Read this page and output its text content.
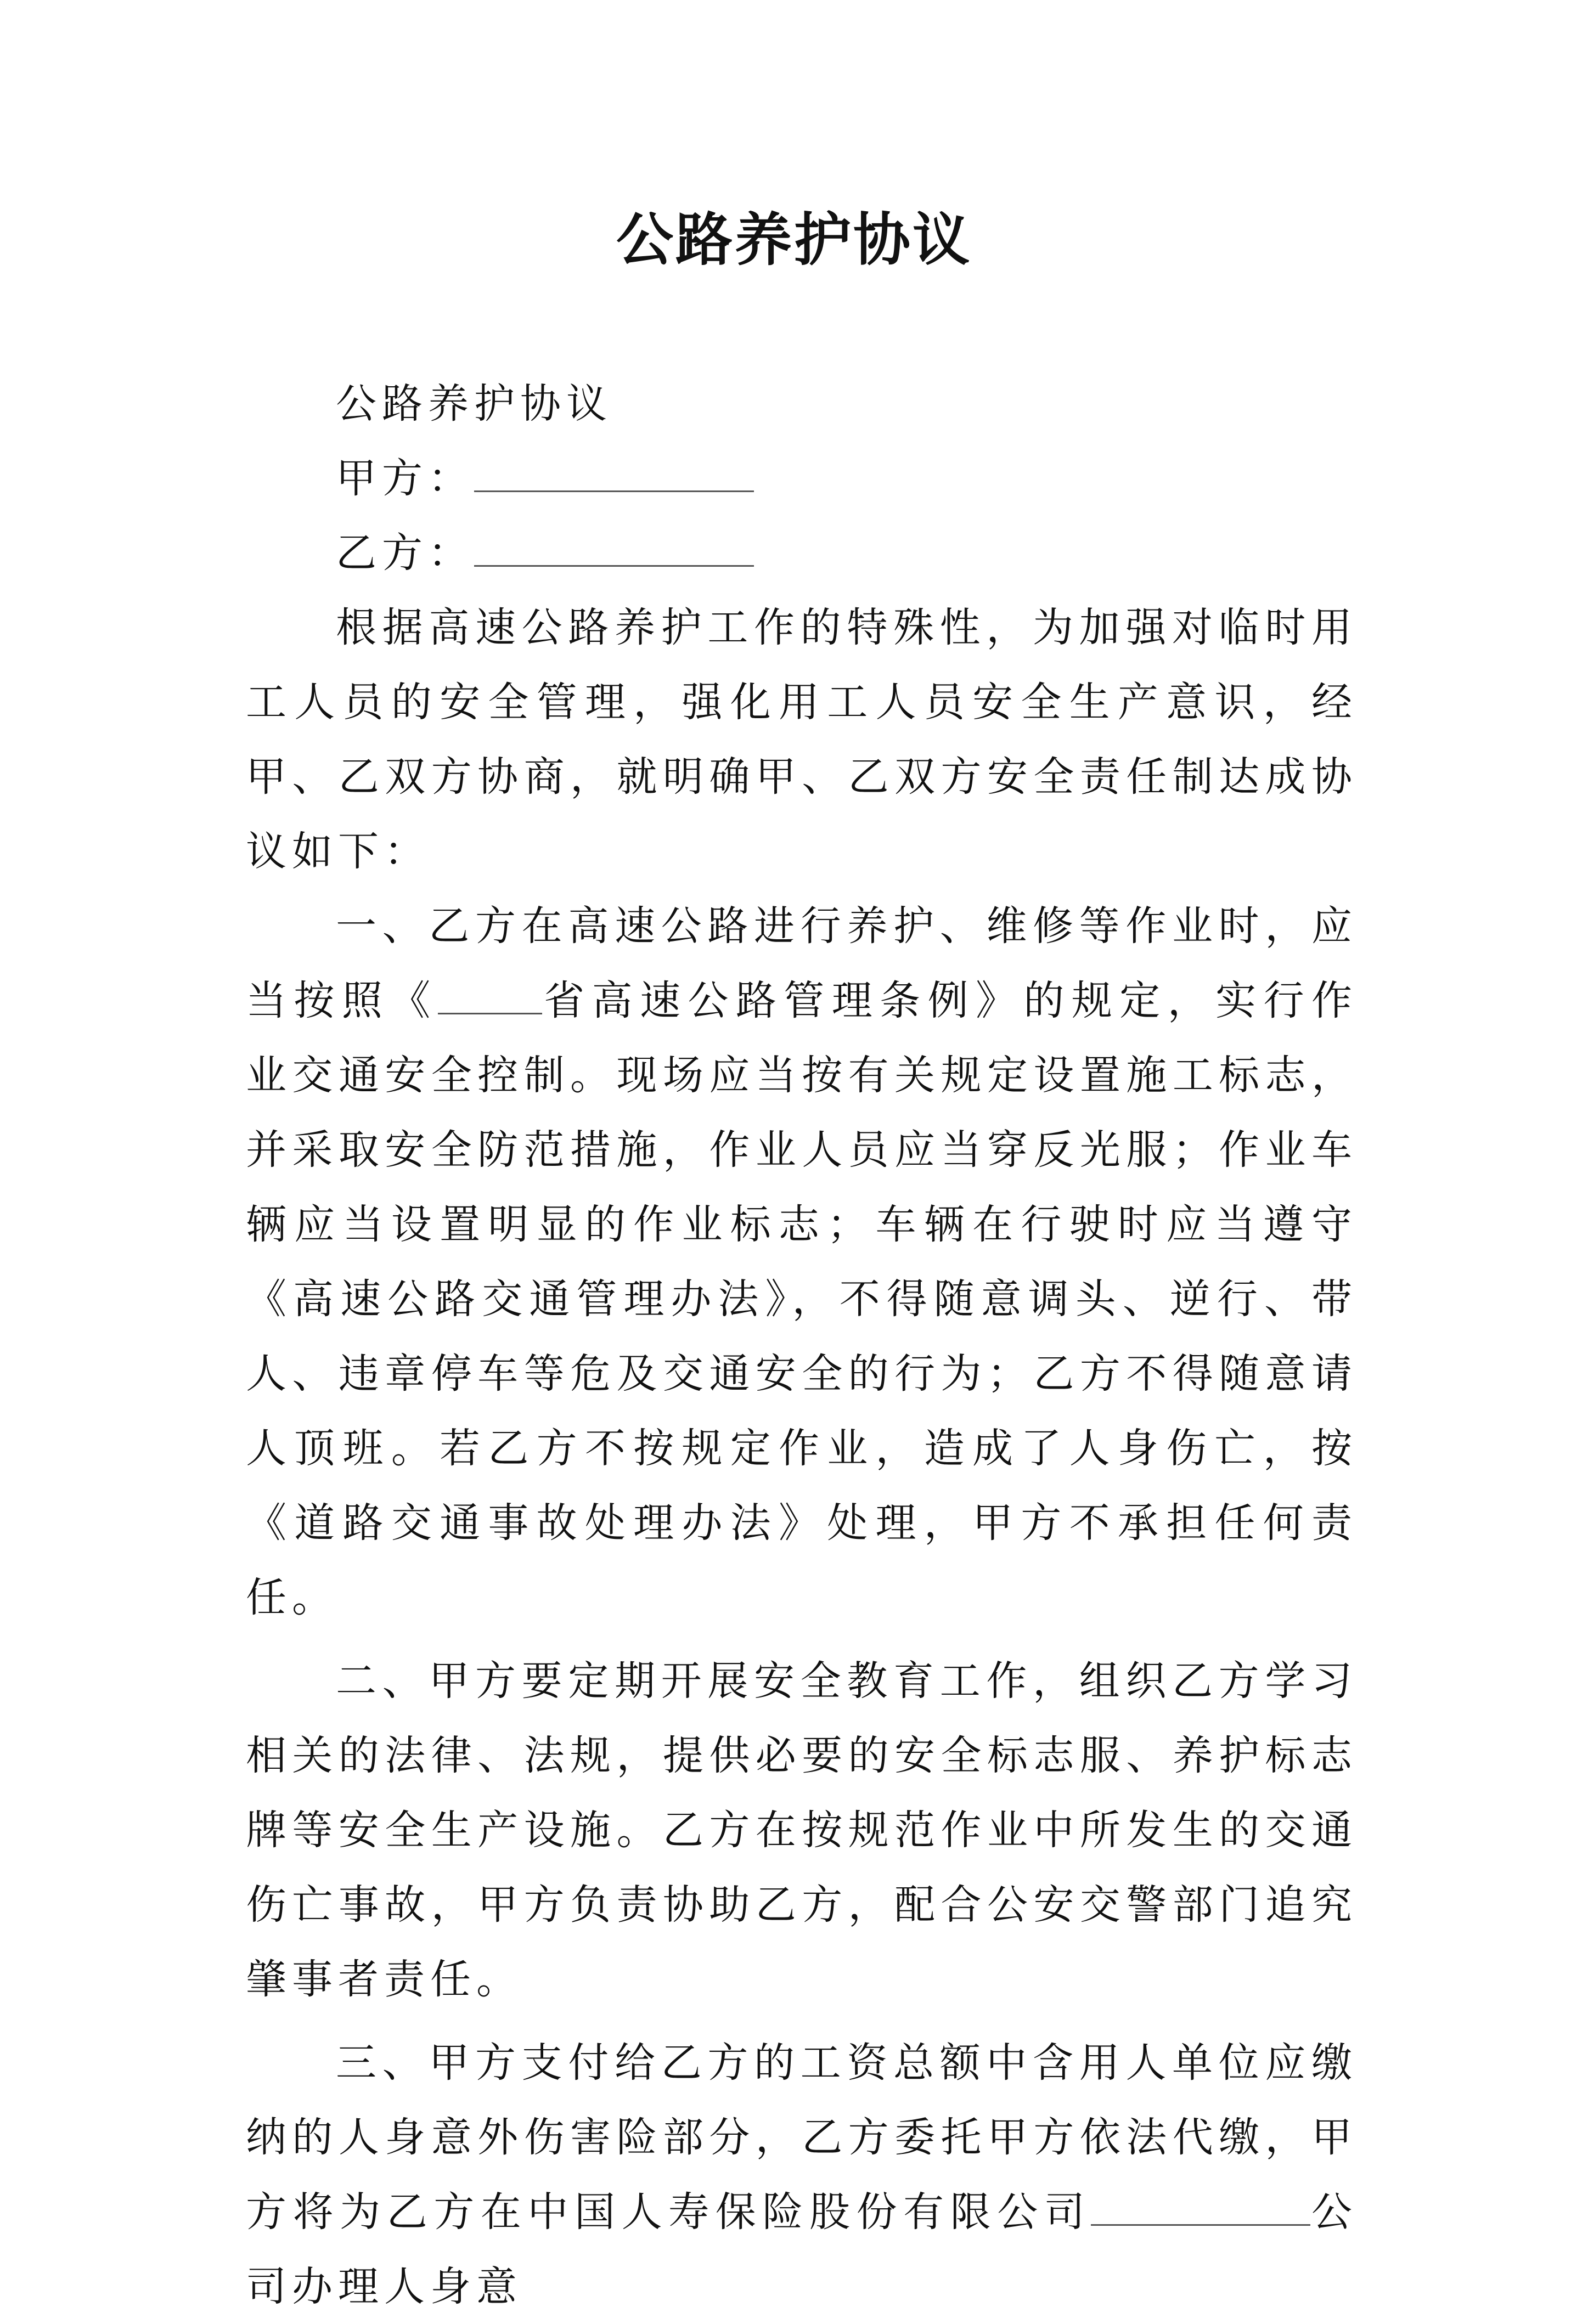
公路养护协议

公路养护协议

甲方：

乙方：

根据高速公路养护工作的特殊性，为加强对临时用工人员的安全管理，强化用工人员安全生产意识，经甲、乙双方协商，就明确甲、乙双方安全责任制达成协议如下：

一、乙方在高速公路进行养护、维修等作业时，应当按照《	省高速公路管理条例》的规定，实行作业交通安全控制。现场应当按有关规定设置施工标志，并采取安全防范措施，作业人员应当穿反光服；作业车辆应当设置明显的作业标志；车辆在行驶时应当遵守《高速公路交通管理办法》，不得随意调头、逆行、带人、违章停车等危及交通安全的行为；乙方不得随意请人顶班。若乙方不按规定作业，造成了人身伤亡，按《道路交通事故处理办法》处理，甲方不承担任何责任。

二、甲方要定期开展安全教育工作，组织乙方学习相关的法律、法规，提供必要的安全标志服、养护标志牌等安全生产设施。乙方在按规范作业中所发生的交通伤亡事故，甲方负责协助乙方，配合公安交警部门追究肇事者责任。

三、甲方支付给乙方的工资总额中含用人单位应缴纳的人身意外伤害险部分，乙方委托甲方依法代缴，甲方将为乙方在中国人寿保险股份有限公司	公司办理人身意
